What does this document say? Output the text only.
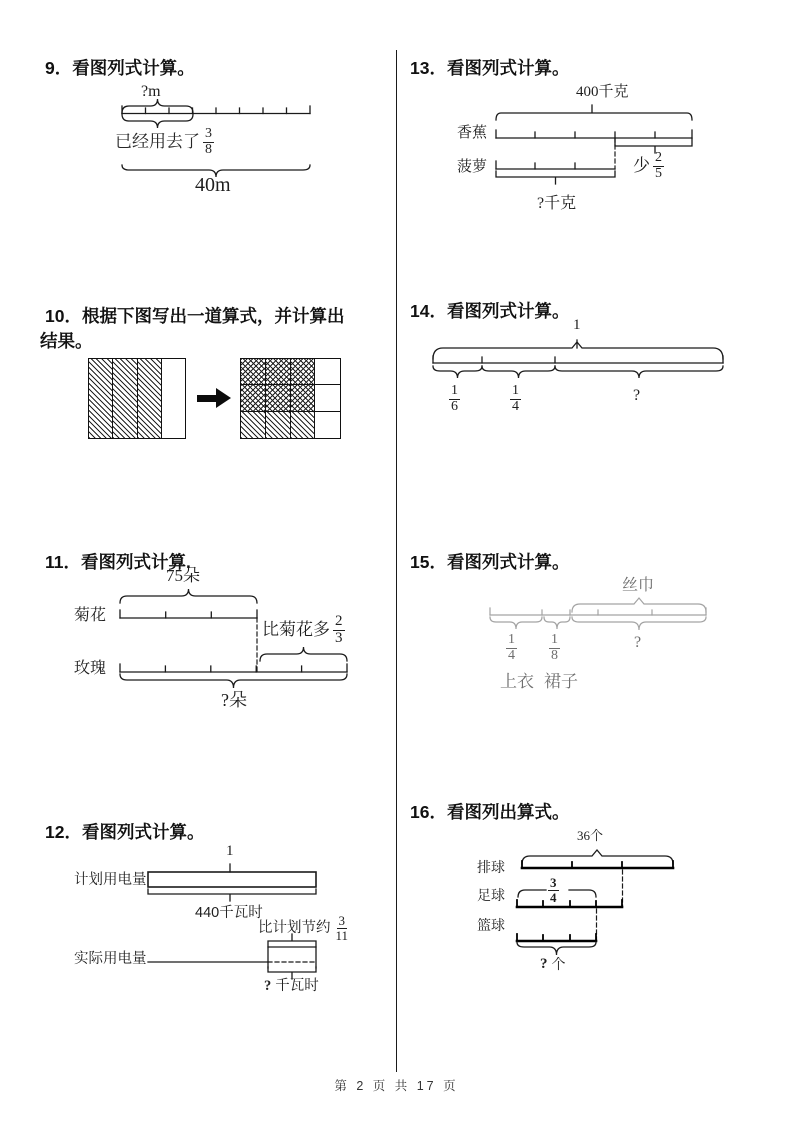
9．看图列式计算。
?m
已经用去了 3
8
40m
13．看图列式计算。
400千克
香蕉
菠萝	少 2
5
?千克
10．根据下图写出一道算式，并计算出
结果。
14．看图列式计算。
1
1
6
1
4
?
11．看图列式计算.
75朵
菊花
比菊花多 2
3
玫瑰
?朵
15．看图列式计算。
丝巾
1
4
1
8
?
上衣 裙子
12．看图列式计算。
1
计划用电量
440千瓦时
比计划节约 3
11
实际用电量
? 千瓦时
16．看图列出算式。
36个
排球
足球
3
4
篮球
? 个
第 2 页 共 17 页
